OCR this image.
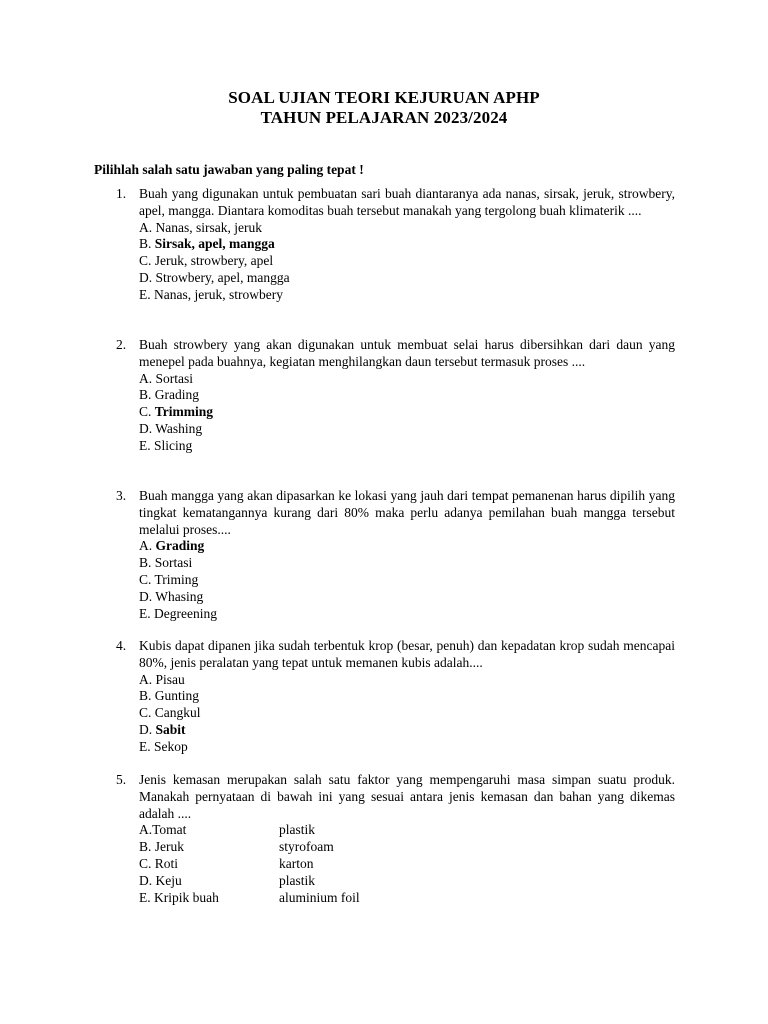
SOAL UJIAN TEORI KEJURUAN APHP
TAHUN PELAJARAN 2023/2024
Pilihlah salah satu jawaban yang paling tepat !
1. Buah yang digunakan untuk pembuatan sari buah diantaranya ada nanas, sirsak, jeruk, strowbery, apel, mangga. Diantara komoditas buah tersebut manakah yang tergolong buah klimaterik ....
A. Nanas, sirsak, jeruk
B. Sirsak, apel, mangga
C. Jeruk, strowbery, apel
D. Strowbery, apel, mangga
E. Nanas, jeruk, strowbery
2. Buah strowbery yang akan digunakan untuk membuat selai harus dibersihkan dari daun yang menepel pada buahnya, kegiatan menghilangkan daun tersebut termasuk proses ....
A. Sortasi
B. Grading
C. Trimming
D. Washing
E. Slicing
3. Buah mangga yang akan dipasarkan ke lokasi yang jauh dari tempat pemanenan harus dipilih yang tingkat kematangannya kurang dari 80% maka perlu adanya pemilahan buah mangga tersebut melalui proses....
A. Grading
B. Sortasi
C. Triming
D. Whasing
E. Degreening
4. Kubis dapat dipanen jika sudah terbentuk krop (besar, penuh) dan kepadatan krop sudah mencapai 80%, jenis peralatan yang tepat untuk memanen kubis adalah....
A. Pisau
B. Gunting
C. Cangkul
D. Sabit
E. Sekop
5. Jenis kemasan merupakan salah satu faktor yang mempengaruhi masa simpan suatu produk. Manakah pernyataan di bawah ini yang sesuai antara jenis kemasan dan bahan yang dikemas adalah ....
A.Tomat	plastik
B. Jeruk	styrofoam
C. Roti	karton
D. Keju	plastik
E. Kripik buah	aluminium foil
